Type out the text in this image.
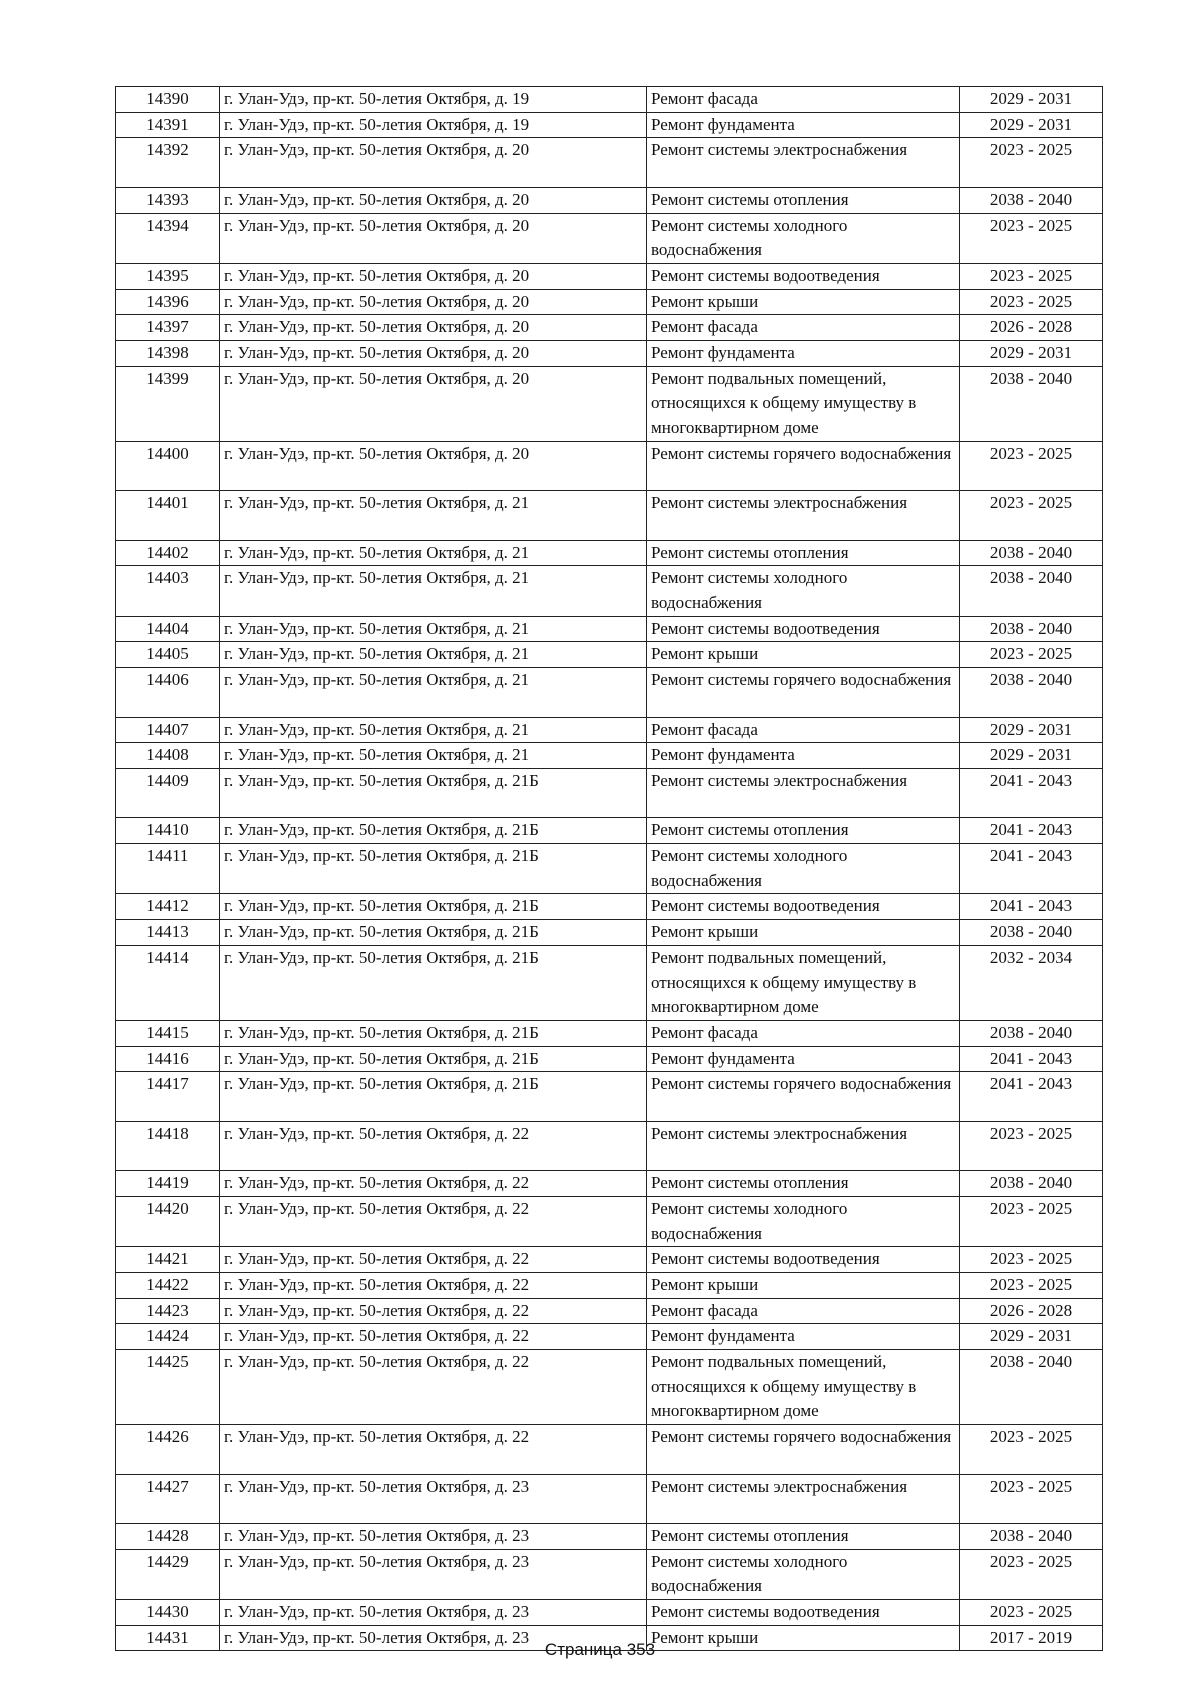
14390	г. Улан-Удэ, пр-кт. 50-летия Октября, д. 19	Ремонт фасада	2029 - 2031
14391	г. Улан-Удэ, пр-кт. 50-летия Октября, д. 19	Ремонт фундамента	2029 - 2031
14392	г. Улан-Удэ, пр-кт. 50-летия Октября, д. 20	Ремонт системы электроснабжения	2023 - 2025
14393	г. Улан-Удэ, пр-кт. 50-летия Октября, д. 20	Ремонт системы отопления	2038 - 2040
14394	г. Улан-Удэ, пр-кт. 50-летия Октября, д. 20	Ремонт системы холодного водоснабжения	2023 - 2025
14395	г. Улан-Удэ, пр-кт. 50-летия Октября, д. 20	Ремонт системы водоотведения	2023 - 2025
14396	г. Улан-Удэ, пр-кт. 50-летия Октября, д. 20	Ремонт крыши	2023 - 2025
14397	г. Улан-Удэ, пр-кт. 50-летия Октября, д. 20	Ремонт фасада	2026 - 2028
14398	г. Улан-Удэ, пр-кт. 50-летия Октября, д. 20	Ремонт фундамента	2029 - 2031
14399	г. Улан-Удэ, пр-кт. 50-летия Октября, д. 20	Ремонт подвальных помещений, относящихся к общему имуществу в многоквартирном доме	2038 - 2040
14400	г. Улан-Удэ, пр-кт. 50-летия Октября, д. 20	Ремонт системы горячего водоснабжения	2023 - 2025
14401	г. Улан-Удэ, пр-кт. 50-летия Октября, д. 21	Ремонт системы электроснабжения	2023 - 2025
14402	г. Улан-Удэ, пр-кт. 50-летия Октября, д. 21	Ремонт системы отопления	2038 - 2040
14403	г. Улан-Удэ, пр-кт. 50-летия Октября, д. 21	Ремонт системы холодного водоснабжения	2038 - 2040
14404	г. Улан-Удэ, пр-кт. 50-летия Октября, д. 21	Ремонт системы водоотведения	2038 - 2040
14405	г. Улан-Удэ, пр-кт. 50-летия Октября, д. 21	Ремонт крыши	2023 - 2025
14406	г. Улан-Удэ, пр-кт. 50-летия Октября, д. 21	Ремонт системы горячего водоснабжения	2038 - 2040
14407	г. Улан-Удэ, пр-кт. 50-летия Октября, д. 21	Ремонт фасада	2029 - 2031
14408	г. Улан-Удэ, пр-кт. 50-летия Октября, д. 21	Ремонт фундамента	2029 - 2031
14409	г. Улан-Удэ, пр-кт. 50-летия Октября, д. 21Б	Ремонт системы электроснабжения	2041 - 2043
14410	г. Улан-Удэ, пр-кт. 50-летия Октября, д. 21Б	Ремонт системы отопления	2041 - 2043
14411	г. Улан-Удэ, пр-кт. 50-летия Октября, д. 21Б	Ремонт системы холодного водоснабжения	2041 - 2043
14412	г. Улан-Удэ, пр-кт. 50-летия Октября, д. 21Б	Ремонт системы водоотведения	2041 - 2043
14413	г. Улан-Удэ, пр-кт. 50-летия Октября, д. 21Б	Ремонт крыши	2038 - 2040
14414	г. Улан-Удэ, пр-кт. 50-летия Октября, д. 21Б	Ремонт подвальных помещений, относящихся к общему имуществу в многоквартирном доме	2032 - 2034
14415	г. Улан-Удэ, пр-кт. 50-летия Октября, д. 21Б	Ремонт фасада	2038 - 2040
14416	г. Улан-Удэ, пр-кт. 50-летия Октября, д. 21Б	Ремонт фундамента	2041 - 2043
14417	г. Улан-Удэ, пр-кт. 50-летия Октября, д. 21Б	Ремонт системы горячего водоснабжения	2041 - 2043
14418	г. Улан-Удэ, пр-кт. 50-летия Октября, д. 22	Ремонт системы электроснабжения	2023 - 2025
14419	г. Улан-Удэ, пр-кт. 50-летия Октября, д. 22	Ремонт системы отопления	2038 - 2040
14420	г. Улан-Удэ, пр-кт. 50-летия Октября, д. 22	Ремонт системы холодного водоснабжения	2023 - 2025
14421	г. Улан-Удэ, пр-кт. 50-летия Октября, д. 22	Ремонт системы водоотведения	2023 - 2025
14422	г. Улан-Удэ, пр-кт. 50-летия Октября, д. 22	Ремонт крыши	2023 - 2025
14423	г. Улан-Удэ, пр-кт. 50-летия Октября, д. 22	Ремонт фасада	2026 - 2028
14424	г. Улан-Удэ, пр-кт. 50-летия Октября, д. 22	Ремонт фундамента	2029 - 2031
14425	г. Улан-Удэ, пр-кт. 50-летия Октября, д. 22	Ремонт подвальных помещений, относящихся к общему имуществу в многоквартирном доме	2038 - 2040
14426	г. Улан-Удэ, пр-кт. 50-летия Октября, д. 22	Ремонт системы горячего водоснабжения	2023 - 2025
14427	г. Улан-Удэ, пр-кт. 50-летия Октября, д. 23	Ремонт системы электроснабжения	2023 - 2025
14428	г. Улан-Удэ, пр-кт. 50-летия Октября, д. 23	Ремонт системы отопления	2038 - 2040
14429	г. Улан-Удэ, пр-кт. 50-летия Октября, д. 23	Ремонт системы холодного водоснабжения	2023 - 2025
14430	г. Улан-Удэ, пр-кт. 50-летия Октября, д. 23	Ремонт системы водоотведения	2023 - 2025
14431	г. Улан-Удэ, пр-кт. 50-летия Октября, д. 23	Ремонт крыши	2017 - 2019
Страница 353
